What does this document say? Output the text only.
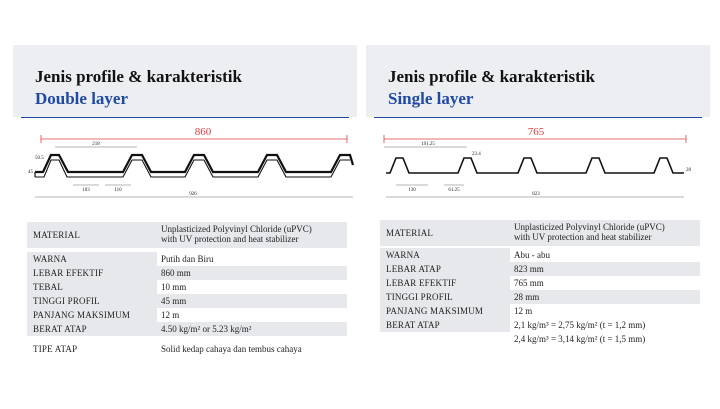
Jenis profile & karakteristik
Double layer
860
218
103	110
926
45
50.5
MATERIAL
Unplasticized Polyvinyl Chloride (uPVC)
with UV protection and heat stabilizer
WARNA	Putih dan Biru
LEBAR EFEKTIF	860 mm
TEBAL	10 mm
TINGGI PROFIL	45 mm
PANJANG MAKSIMUM	12 m
BERAT ATAP	4.50 kg/m² or 5.23 kg/m²
TIPE ATAP	Solid kedap cahaya dan tembus cahaya
Jenis profile & karakteristik
Single layer
765
191.25
130	61.25
823
28
23.4
MATERIAL
Unplasticized Polyvinyl Chloride (uPVC)
with UV protection and heat stabilizer
WARNA	Abu - abu
LEBAR ATAP	823 mm
LEBAR EFEKTIF	765 mm
TINGGI PROFIL	28 mm
PANJANG MAKSIMUM	12 m
BERAT ATAP	2,1 kg/m³ = 2,75 kg/m² (t = 1,2 mm)
2,4 kg/m³ = 3,14 kg/m² (t = 1,5 mm)
